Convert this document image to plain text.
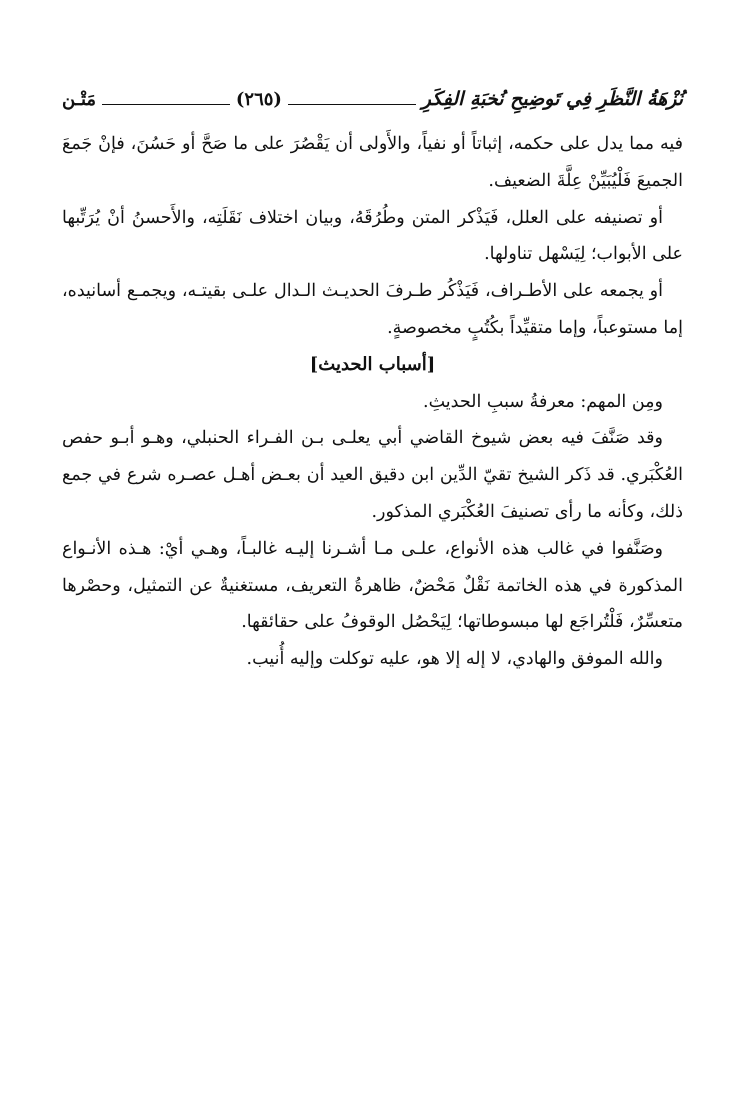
نُزْهَةُ النَّظَرِ فِي تَوضِيحِ نُخبَةِ الفِكَرِ
(٢٦٥)
مَتْـن

فيه مما يدل على حكمه، إثباتاً أو نفياً، والأَولى أن يَقْصُرَ على ما صَحَّ أو حَسُنَ، فإنْ جَمعَ الجميعَ فَلْيُبَيِّنْ عِلَّةَ الضعيف.

أو تصنيفه على العلل، فَيَذْكر المتن وطُرُقَهُ، وبيان اختلاف نَقَلَتِه، والأَحسنُ أنْ يُرَتِّبها على الأبواب؛ لِيَسْهل تناولها.

أو يجمعه على الأطـراف، فَيَذْكُر طـرفَ الحديـث الـدال علـى بقيتـه، ويجمـع أسانيده، إما مستوعباً، وإما متقيِّداً بكُتُبٍ مخصوصةٍ.

[أسباب الحديث]

ومِن المهم: معرفةُ سببِ الحديثِ.

وقد صَنَّفَ فيه بعض شيوخ القاضي أبي يعلـى بـن الفـراء الحنبلي، وهـو أبـو حفص العُكْبَري. قد ذَكر الشيخ تقيّ الدِّين ابن دقيق العيد أن بعـض أهـل عصـره شرع في جمع ذلك، وكأنه ما رأى تصنيفَ العُكْبَري المذكور.

وصَنَّفوا في غالب هذه الأنواع، علـى مـا أشـرنا إليـه غالبـاً، وهـي أيْ: هـذه الأنـواع المذكورة في هذه الخاتمة نَقْلٌ مَحْضٌ، ظاهرةُ التعريف، مستغنيةٌ عن التمثيل، وحصْرها متعسِّرٌ، فَلْتُراجَع لها مبسوطاتها؛ لِيَحْصُل الوقوفُ على حقائقها.

والله الموفق والهادي، لا إله إلا هو، عليه توكلت وإليه أُنيب.
